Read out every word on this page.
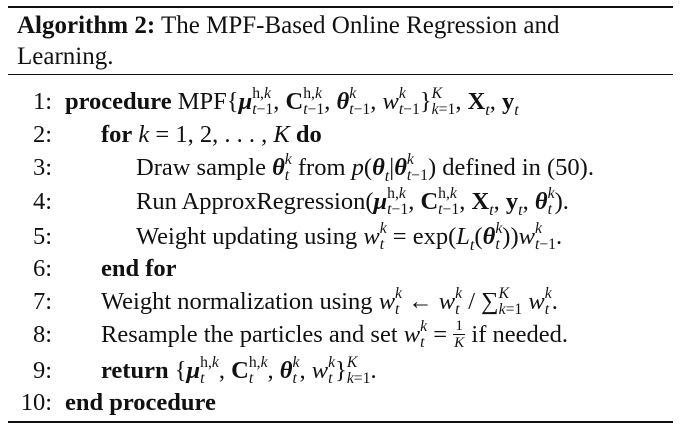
Algorithm 2: The MPF-Based Online Regression and Learning.
1: procedure MPF{μ h,k
t−1 , C h,k
t−1 , θ k
t−1 , w k
t−1 } K
k=1 , $X_t$, $y_t$
2: for k = 1, 2, . . . , K do
3:	Draw sample θ k
t from $p(\theta_t|\theta$ k
t−1 ) defined in (50).
4:	Run ApproxRegression(μ h,k
t−1 , C h,k
t−1 , $X_t$, $y_t$, θ k
t ).
5:	Weight updating using w k
$t = \exp(L_t(\theta$ k
t ))w k
t−1 .
6: end for
7: Weight normalization using w k
t ← w k
t / ∑ K
k=1 w k
t .
8: Resample the particles and set w k
$t = \frac{1}{K}$ if needed.
9: return {μ h,k
t , C h,k
t , θ k
t , w k
t } K
k=1 .
10: end procedure
